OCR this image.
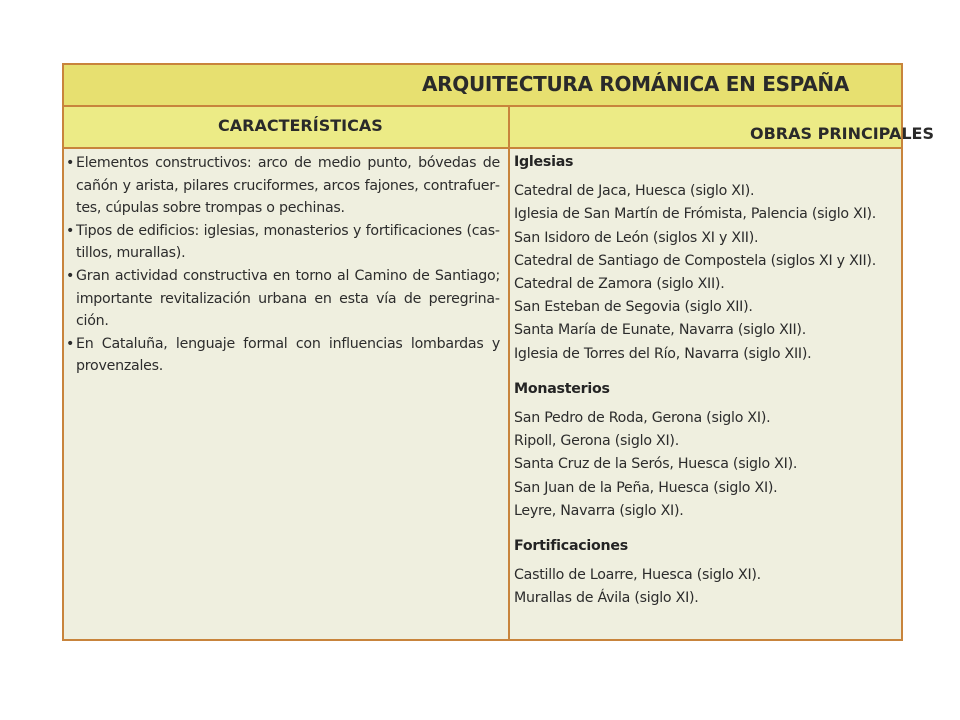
ARQUITECTURA ROMÁNICA EN ESPAÑA
CARACTERÍSTICAS	OBRAS PRINCIPALES

• Elementos constructivos: arco de medio punto, bóvedas de cañón y arista, pilares cruciformes, arcos fajones, contrafuertes, cúpulas sobre trompas o pechinas.

• Tipos de edificios: iglesias, monasterios y fortificaciones (castillos, murallas).

• Gran actividad constructiva en torno al Camino de Santiago; importante revitalización urbana en esta vía de peregrinación.

• En Cataluña, lenguaje formal con influencias lombardas y provenzales.

Iglesias
Catedral de Jaca, Huesca (siglo XI).
Iglesia de San Martín de Frómista, Palencia (siglo XI).
San Isidoro de León (siglos XI y XII).
Catedral de Santiago de Compostela (siglos XI y XII).
Catedral de Zamora (siglo XII).
San Esteban de Segovia (siglo XII).
Santa María de Eunate, Navarra (siglo XII).
Iglesia de Torres del Río, Navarra (siglo XII).
Monasterios
San Pedro de Roda, Gerona (siglo XI).
Ripoll, Gerona (siglo XI).
Santa Cruz de la Serós, Huesca (siglo XI).
San Juan de la Peña, Huesca (siglo XI).
Leyre, Navarra (siglo XI).
Fortificaciones
Castillo de Loarre, Huesca (siglo XI).
Murallas de Ávila (siglo XI).
